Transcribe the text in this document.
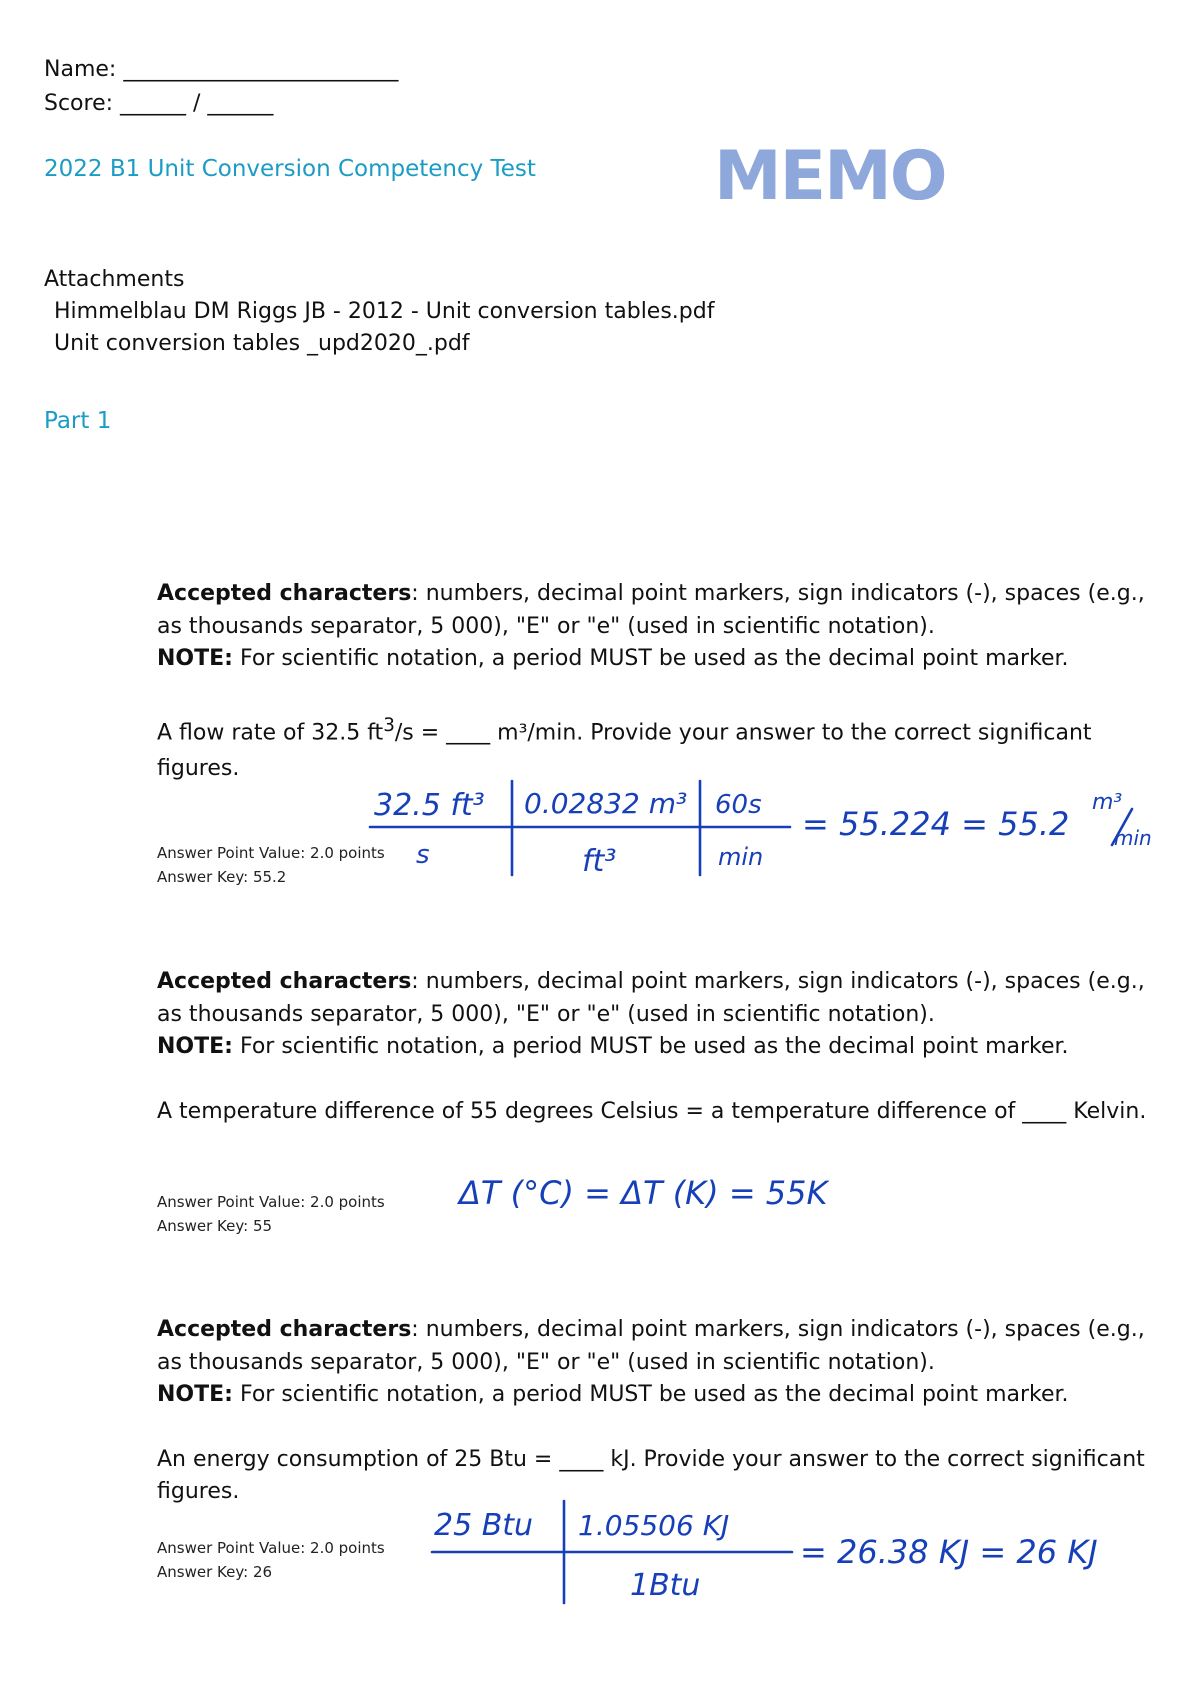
Name: _________________________
Score: ______ / ______
2022 B1 Unit Conversion Competency Test	MEMO
Attachments
Himmelblau DM Riggs JB - 2012 - Unit conversion tables.pdf
Unit conversion tables _upd2020_.pdf
Part 1

Accepted characters: numbers, decimal point markers, sign indicators (-), spaces (e.g., as thousands separator, 5 000), "E" or "e" (used in scientific notation).

NOTE: For scientific notation, a period MUST be used as the decimal point marker.

A flow rate of 32.5 $ft^3/s$ = ____ m³/min. Provide your answer to the correct significant figures.

Answer Point Value: 2.0 points
Answer Key: 55.2
32.5 ft³ 0.02832 m³ 60s
s	ft³	min
= 55.224 = 55.2
m³
min

Accepted characters: numbers, decimal point markers, sign indicators (-), spaces (e.g., as thousands separator, 5 000), "E" or "e" (used in scientific notation).

NOTE: For scientific notation, a period MUST be used as the decimal point marker.

A temperature difference of 55 degrees Celsius = a temperature difference of ____ Kelvin.

Answer Point Value: 2.0 points
Answer Key: 55
ΔT (°C) = ΔT (K) = 55K

Accepted characters: numbers, decimal point markers, sign indicators (-), spaces (e.g., as thousands separator, 5 000), "E" or "e" (used in scientific notation).

NOTE: For scientific notation, a period MUST be used as the decimal point marker.

An energy consumption of 25 Btu = ____ kJ. Provide your answer to the correct significant figures.

Answer Point Value: 2.0 points
Answer Key: 26
25 Btu 1.05506 KJ
1Btu
= 26.38 KJ = 26 KJ
